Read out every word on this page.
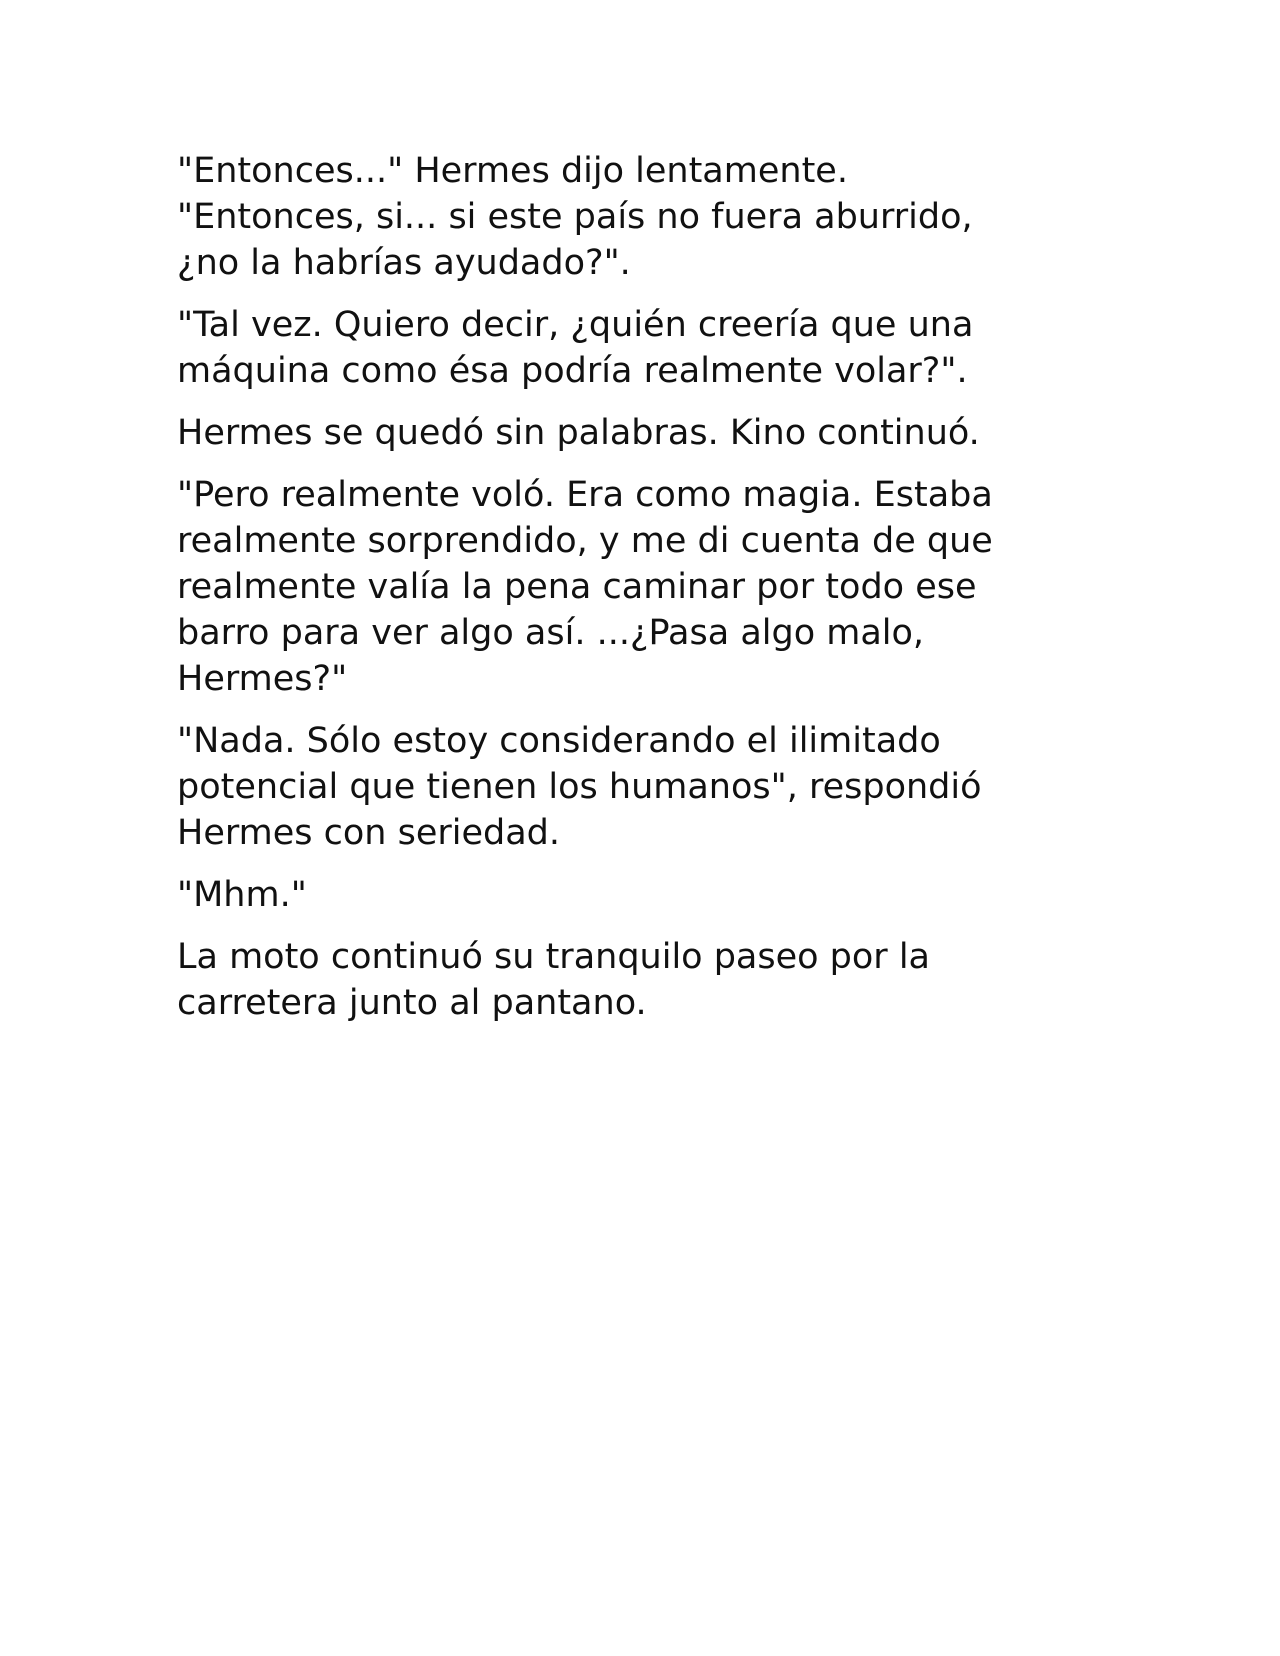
"Entonces..." Hermes dijo lentamente.
"Entonces, si... si este país no fuera aburrido,
¿no la habrías ayudado?".

"Tal vez. Quiero decir, ¿quién creería que una
máquina como ésa podría realmente volar?".

Hermes se quedó sin palabras. Kino continuó.

"Pero realmente voló. Era como magia. Estaba
realmente sorprendido, y me di cuenta de que
realmente valía la pena caminar por todo ese
barro para ver algo así. ...¿Pasa algo malo,
Hermes?"

"Nada. Sólo estoy considerando el ilimitado
potencial que tienen los humanos", respondió
Hermes con seriedad.

"Mhm."

La moto continuó su tranquilo paseo por la
carretera junto al pantano.
